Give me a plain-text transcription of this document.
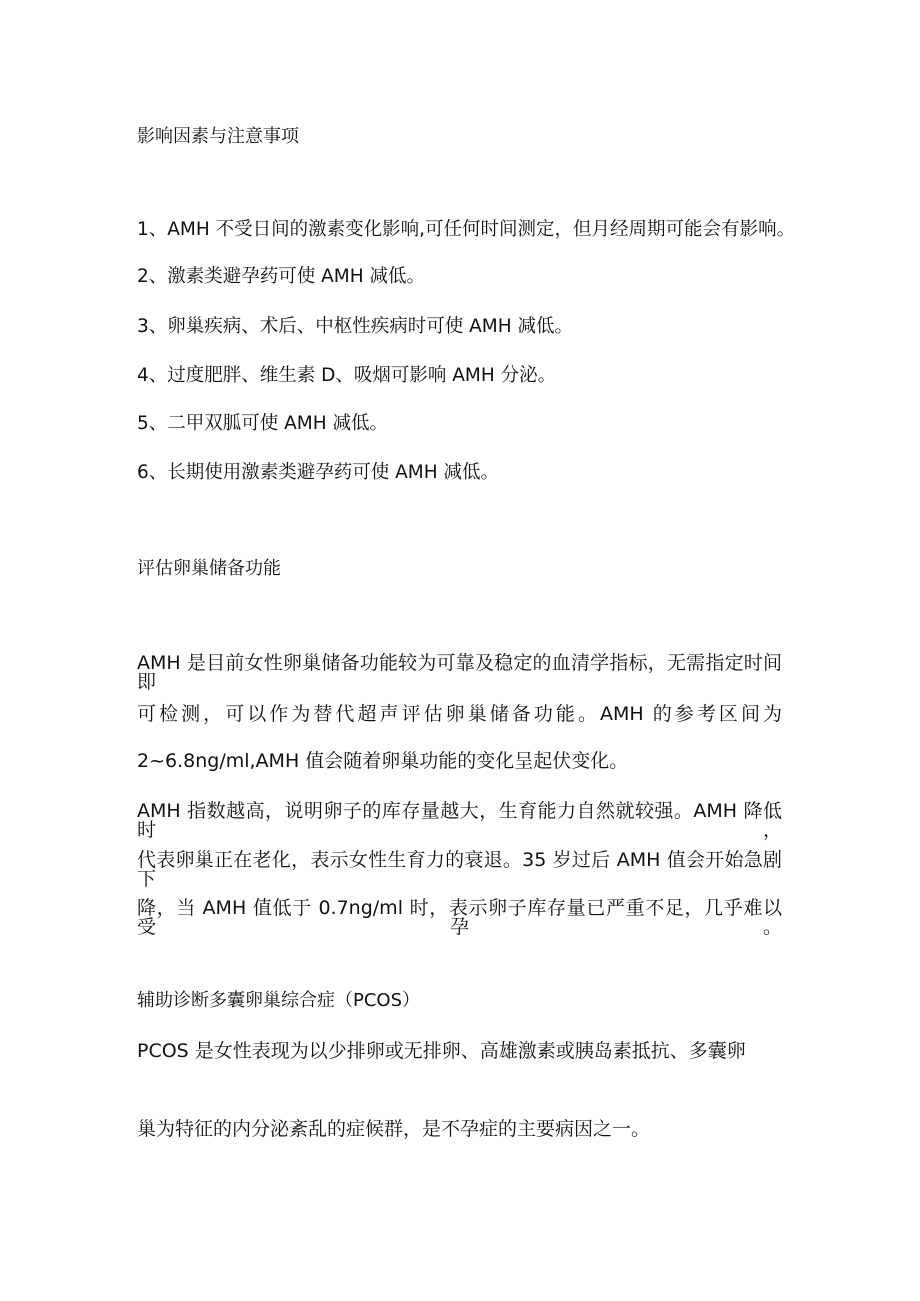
影响因素与注意事项
1、AMH 不受日间的激素变化影响,可任何时间测定，但月经周期可能会有影响。
2、激素类避孕药可使 AMH 减低。
3、卵巢疾病、术后、中枢性疾病时可使 AMH 减低。
4、过度肥胖、维生素 D、吸烟可影响 AMH 分泌。
5、二甲双胍可使 AMH 减低。
6、长期使用激素类避孕药可使 AMH 减低。
评估卵巢储备功能
AMH 是目前女性卵巢储备功能较为可靠及稳定的血清学指标，无需指定时间即
可检测，可以作为替代超声评估卵巢储备功能。AMH 的参考区间为
2~6.8ng/ml,AMH 值会随着卵巢功能的变化呈起伏变化。
AMH 指数越高，说明卵子的库存量越大，生育能力自然就较强。AMH 降低时，
代表卵巢正在老化，表示女性生育力的衰退。35 岁过后 AMH 值会开始急剧下
降，当 AMH 值低于 0.7ng/ml 时，表示卵子库存量已严重不足，几乎难以受孕。
辅助诊断多囊卵巢综合症（PCOS）
PCOS 是女性表现为以少排卵或无排卵、高雄激素或胰岛素抵抗、多囊卵
巢为特征的内分泌紊乱的症候群，是不孕症的主要病因之一。
